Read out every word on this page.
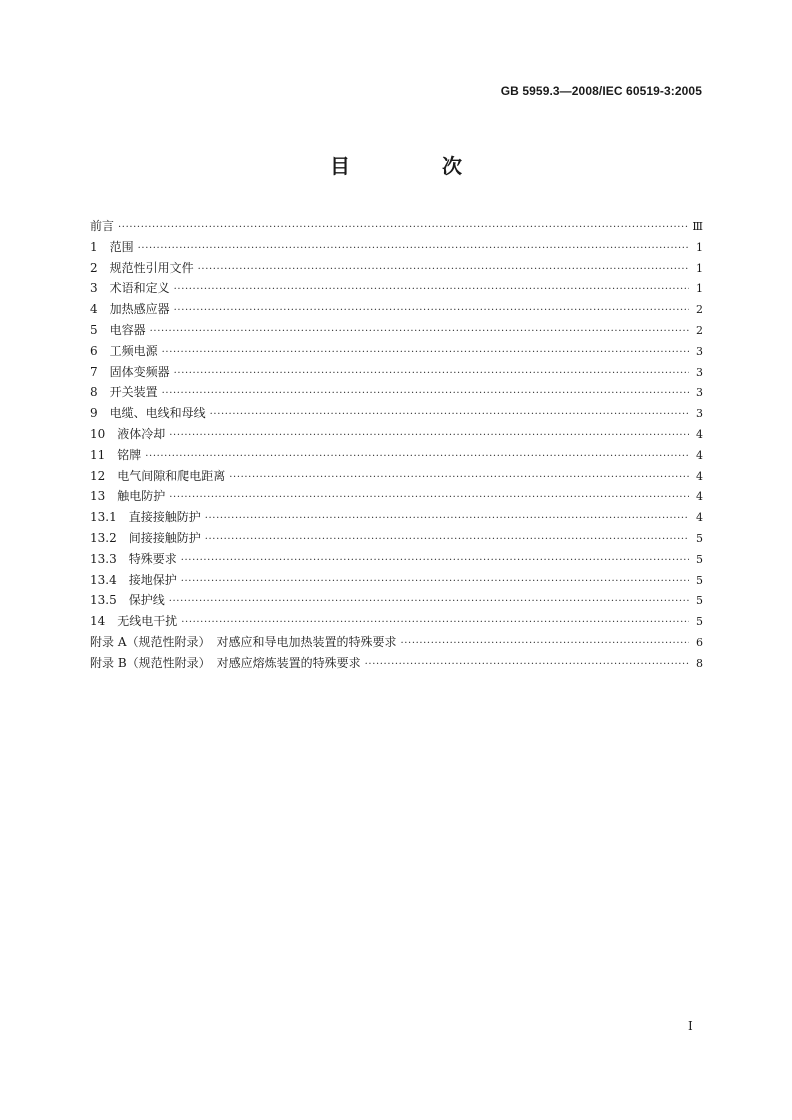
GB 5959.3—2008/IEC 60519-3:2005
目　次
前言 ·····	Ⅲ
1　范围 ·····	1
2　规范性引用文件 ·····	1
3　术语和定义 ·····	1
4　加热感应器 ·····	2
5　电容器 ·····	2
6　工频电源 ·····	3
7　固体变频器 ·····	3
8　开关装置 ·····	3
9　电缆、电线和母线 ·····	3
10　液体冷却 ·····	4
11　铭牌 ·····	4
12　电气间隙和爬电距离 ·····	4
13　触电防护 ·····	4
13.1　直接接触防护 ·····	4
13.2　间接接触防护 ·····	5
13.3　特殊要求 ·····	5
13.4　接地保护 ·····	5
13.5　保护线 ·····	5
14　无线电干扰 ·····	5
附录 A（规范性附录）　对感应和导电加热装置的特殊要求 ·····	6
附录 B（规范性附录）　对感应熔炼装置的特殊要求 ·····	8
I
